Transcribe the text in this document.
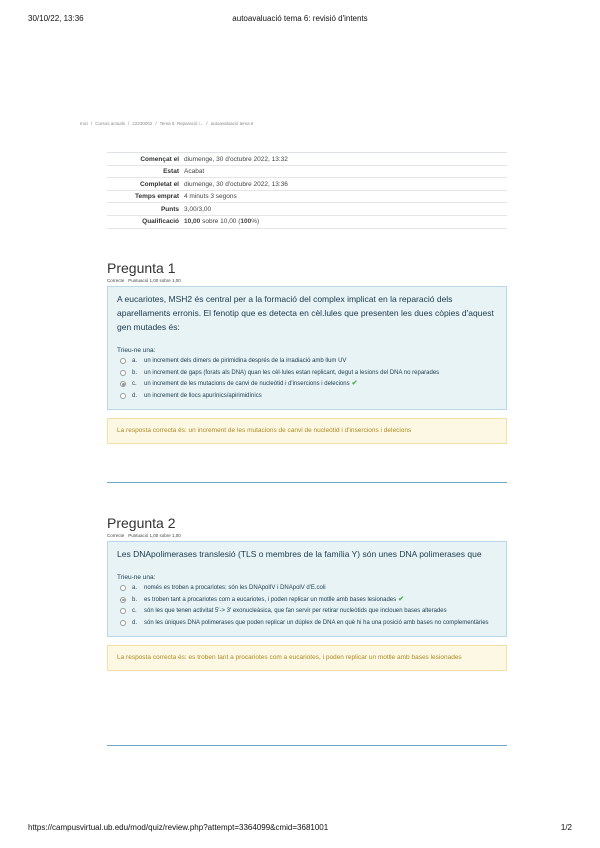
30/10/22, 13:36	autoavaluació tema 6: revisió d'intents
Inici / Cursos actuals / 22230002 / Tema 6: Reparació i... / autoavaluació tema 6
Començat el diumenge, 30 d'octubre 2022, 13:32
Estat Acabat
Completat el diumenge, 30 d'octubre 2022, 13:36
Temps emprat 4 minuts 3 segons
Punts 3,00/3,00
Qualificació 10,00 sobre 10,00 (100%)
Pregunta 1
Correcte Puntuació 1,00 sobre 1,00

A eucariotes, MSH2 és central per a la formació del complex implicat en la reparació dels aparellaments erronis. El fenotip que es detecta en cèl.lules que presenten les dues còpies d'aquest gen mutades és:

Trieu-ne una:
a. un increment dels dimers de pirimidina després de la irradiació amb llum UV
b. un increment de gaps (forats als DNA) quan les cèl·lules estan replicant, degut a lesions del DNA no reparades
c. un increment de les mutacions de canvi de nucleòtid i d'insercions i delecions ✔
d. un increment de llocs apurínics/apirimidínics
La resposta correcta és: un increment de les mutacions de canvi de nucleòtid i d'insercions i delecions
Pregunta 2
Correcte Puntuació 1,00 sobre 1,00

Les DNApolimerases translesió (TLS o membres de la família Y) són unes DNA polimerases que

Trieu-ne una:
a. només es troben a procariotes: són les DNApolIV i DNApolV d'E.coli
b. es troben tant a procariotes com a eucariotes, i poden replicar un motlle amb bases lesionades ✔
c. són les que tenen activitat 5'-> 3' exonucleàsica, que fan servir per retirar nucleòtids que inclouen bases alterades
d. són les úniques DNA polimerases que poden replicar un dúplex de DNA en què hi ha una posició amb bases no complementàries
La resposta correcta és: es troben tant a procariotes com a eucariotes, i poden replicar un motlle amb bases lesionades
https://campusvirtual.ub.edu/mod/quiz/review.php?attempt=3364099&cmid=3681001	1/2
